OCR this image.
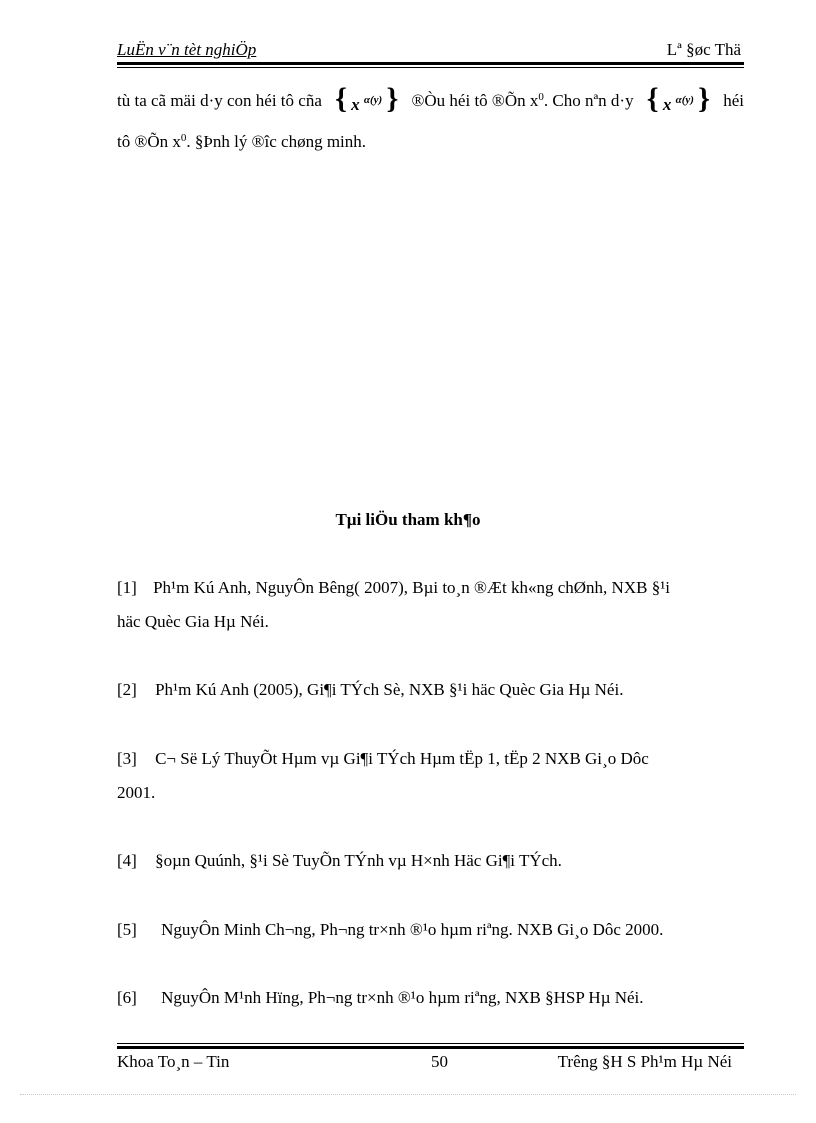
LuËn v¨n tèt nghiÖp	Lª §øc Thä
tù ta cã mäi d·y con héi tô cña { x α(y) } ®Òu héi tô ®Õn x0. Cho nªn d·y { x α(y) } héi
tô ®Õn $x^0$. §Þnh lý ®îc chøng minh.
Tµi liÖu tham kh¶o
[1] Ph¹m Kú Anh, NguyÔn Bêng( 2007), Bµi to¸n ®Æt kh«ng chØnh, NXB §¹i
häc Quèc Gia Hµ Néi.
[2] Ph¹m Kú Anh (2005), Gi¶i TÝch Sè, NXB §¹i häc Quèc Gia Hµ Néi.
[3] C¬ Së Lý ThuyÕt Hµm vµ Gi¶i TÝch Hµm tËp 1, tËp 2 NXB Gi¸o Dôc
2001.
[4] §oµn Quúnh, §¹i Sè TuyÕn TÝnh vµ H×nh Häc Gi¶i TÝch.
[5] NguyÔn Minh Ch¬ng, Ph¬ng tr×nh ®¹o hµm riªng. NXB Gi¸o Dôc 2000.
[6] NguyÔn M¹nh Hïng, Ph¬ng tr×nh ®¹o hµm riªng, NXB §HSP Hµ Néi.
Khoa To¸n – Tin	50	Trêng §H S Ph¹m Hµ Néi
